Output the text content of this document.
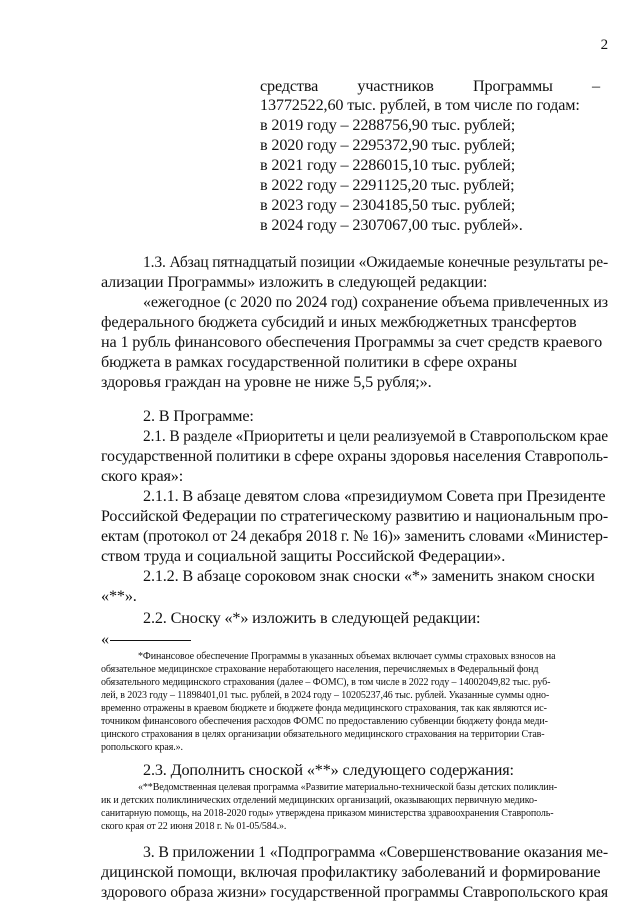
2
средства участников Программы –
13772522,60 тыс. рублей, в том числе по годам:
в 2019 году – 2288756,90 тыс. рублей;
в 2020 году – 2295372,90 тыс. рублей;
в 2021 году – 2286015,10 тыс. рублей;
в 2022 году – 2291125,20 тыс. рублей;
в 2023 году – 2304185,50 тыс. рублей;
в 2024 году – 2307067,00 тыс. рублей».
1.3. Абзац пятнадцатый позиции «Ожидаемые конечные результаты ре-
ализации Программы» изложить в следующей редакции:
«ежегодное (с 2020 по 2024 год) сохранение объема привлеченных из
федерального бюджета субсидий и иных межбюджетных трансфертов
на 1 рубль финансового обеспечения Программы за счет средств краевого
бюджета в рамках государственной политики в сфере охраны
здоровья граждан на уровне не ниже 5,5 рубля;».
2. В Программе:
2.1. В разделе «Приоритеты и цели реализуемой в Ставропольском крае
государственной политики в сфере охраны здоровья населения Ставрополь-
ского края»:
2.1.1. В абзаце девятом слова «президиумом Совета при Президенте
Российской Федерации по стратегическому развитию и национальным про-
ектам (протокол от 24 декабря 2018 г. № 16)» заменить словами «Министер-
ством труда и социальной защиты Российской Федерации».
2.1.2. В абзаце сороковом знак сноски «*» заменить знаком сноски
«**».
2.2. Сноску «*» изложить в следующей редакции:
«
*Финансовое обеспечение Программы в указанных объемах включает суммы страховых взносов на
обязательное медицинское страхование неработающего населения, перечисляемых в Федеральный фонд
обязательного медицинского страхования (далее – ФОМС), в том числе в 2022 году – 14002049,82 тыс. руб-
лей, в 2023 году – 11898401,01 тыс. рублей, в 2024 году – 10205237,46 тыс. рублей. Указанные суммы одно-
временно отражены в краевом бюджете и бюджете фонда медицинского страхования, так как являются ис-
точником финансового обеспечения расходов ФОМС по предоставлению субвенции бюджету фонда меди-
цинского страхования в целях организации обязательного медицинского страхования на территории Став-
ропольского края.».
2.3. Дополнить сноской «**» следующего содержания:
«**Ведомственная целевая программа «Развитие материально-технической базы детских поликлин-
ик и детских поликлинических отделений медицинских организаций, оказывающих первичную медико-
санитарную помощь, на 2018-2020 годы» утверждена приказом министерства здравоохранения Ставрополь-
ского края от 22 июня 2018 г. № 01-05/584.».
3. В приложении 1 «Подпрограмма «Совершенствование оказания ме-
дицинской помощи, включая профилактику заболеваний и формирование
здорового образа жизни» государственной программы Ставропольского края
